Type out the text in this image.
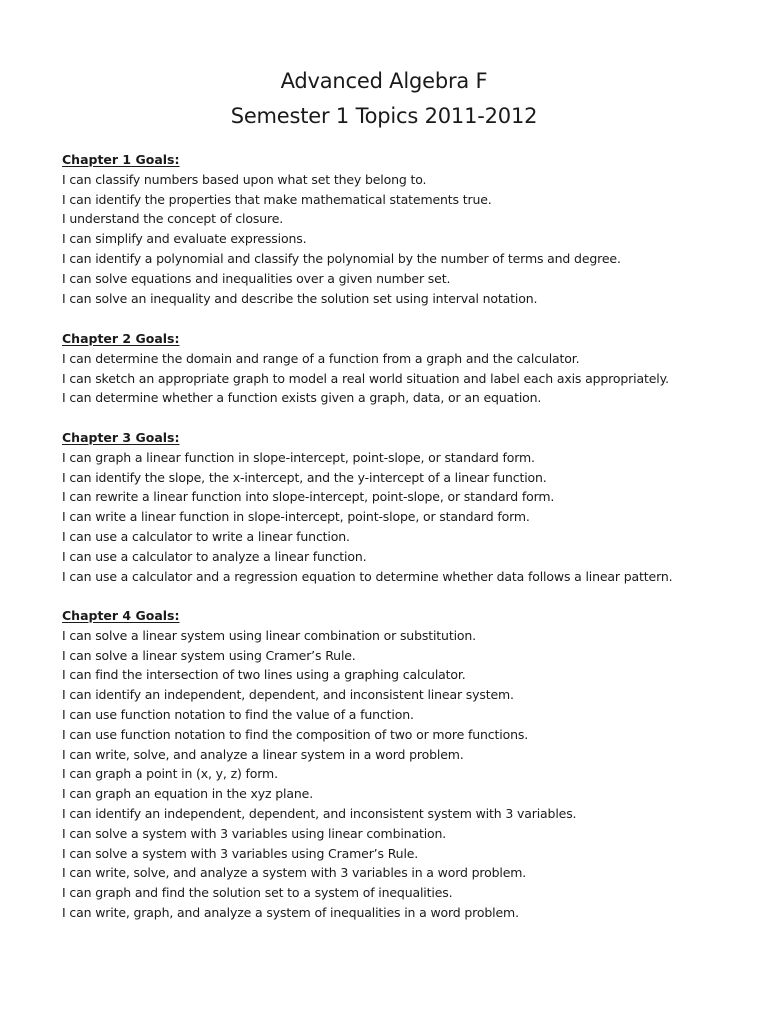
Advanced Algebra F
Semester 1 Topics 2011-2012
Chapter 1 Goals:
I can classify numbers based upon what set they belong to.
I can identify the properties that make mathematical statements true.
I understand the concept of closure.
I can simplify and evaluate expressions.
I can identify a polynomial and classify the polynomial by the number of terms and degree.
I can solve equations and inequalities over a given number set.
I can solve an inequality and describe the solution set using interval notation.
Chapter 2 Goals:
I can determine the domain and range of a function from a graph and the calculator.
I can sketch an appropriate graph to model a real world situation and label each axis appropriately.
I can determine whether a function exists given a graph, data, or an equation.
Chapter 3 Goals:
I can graph a linear function in slope-intercept, point-slope, or standard form.
I can identify the slope, the x-intercept, and the y-intercept of a linear function.
I can rewrite a linear function into slope-intercept, point-slope, or standard form.
I can write a linear function in slope-intercept, point-slope, or standard form.
I can use a calculator to write a linear function.
I can use a calculator to analyze a linear function.
I can use a calculator and a regression equation to determine whether data follows a linear pattern.
Chapter 4 Goals:
I can solve a linear system using linear combination or substitution.
I can solve a linear system using Cramer’s Rule.
I can find the intersection of two lines using a graphing calculator.
I can identify an independent, dependent, and inconsistent linear system.
I can use function notation to find the value of a function.
I can use function notation to find the composition of two or more functions.
I can write, solve, and analyze a linear system in a word problem.
I can graph a point in (x, y, z) form.
I can graph an equation in the xyz plane.
I can identify an independent, dependent, and inconsistent system with 3 variables.
I can solve a system with 3 variables using linear combination.
I can solve a system with 3 variables using Cramer’s Rule.
I can write, solve, and analyze a system with 3 variables in a word problem.
I can graph and find the solution set to a system of inequalities.
I can write, graph, and analyze a system of inequalities in a word problem.
